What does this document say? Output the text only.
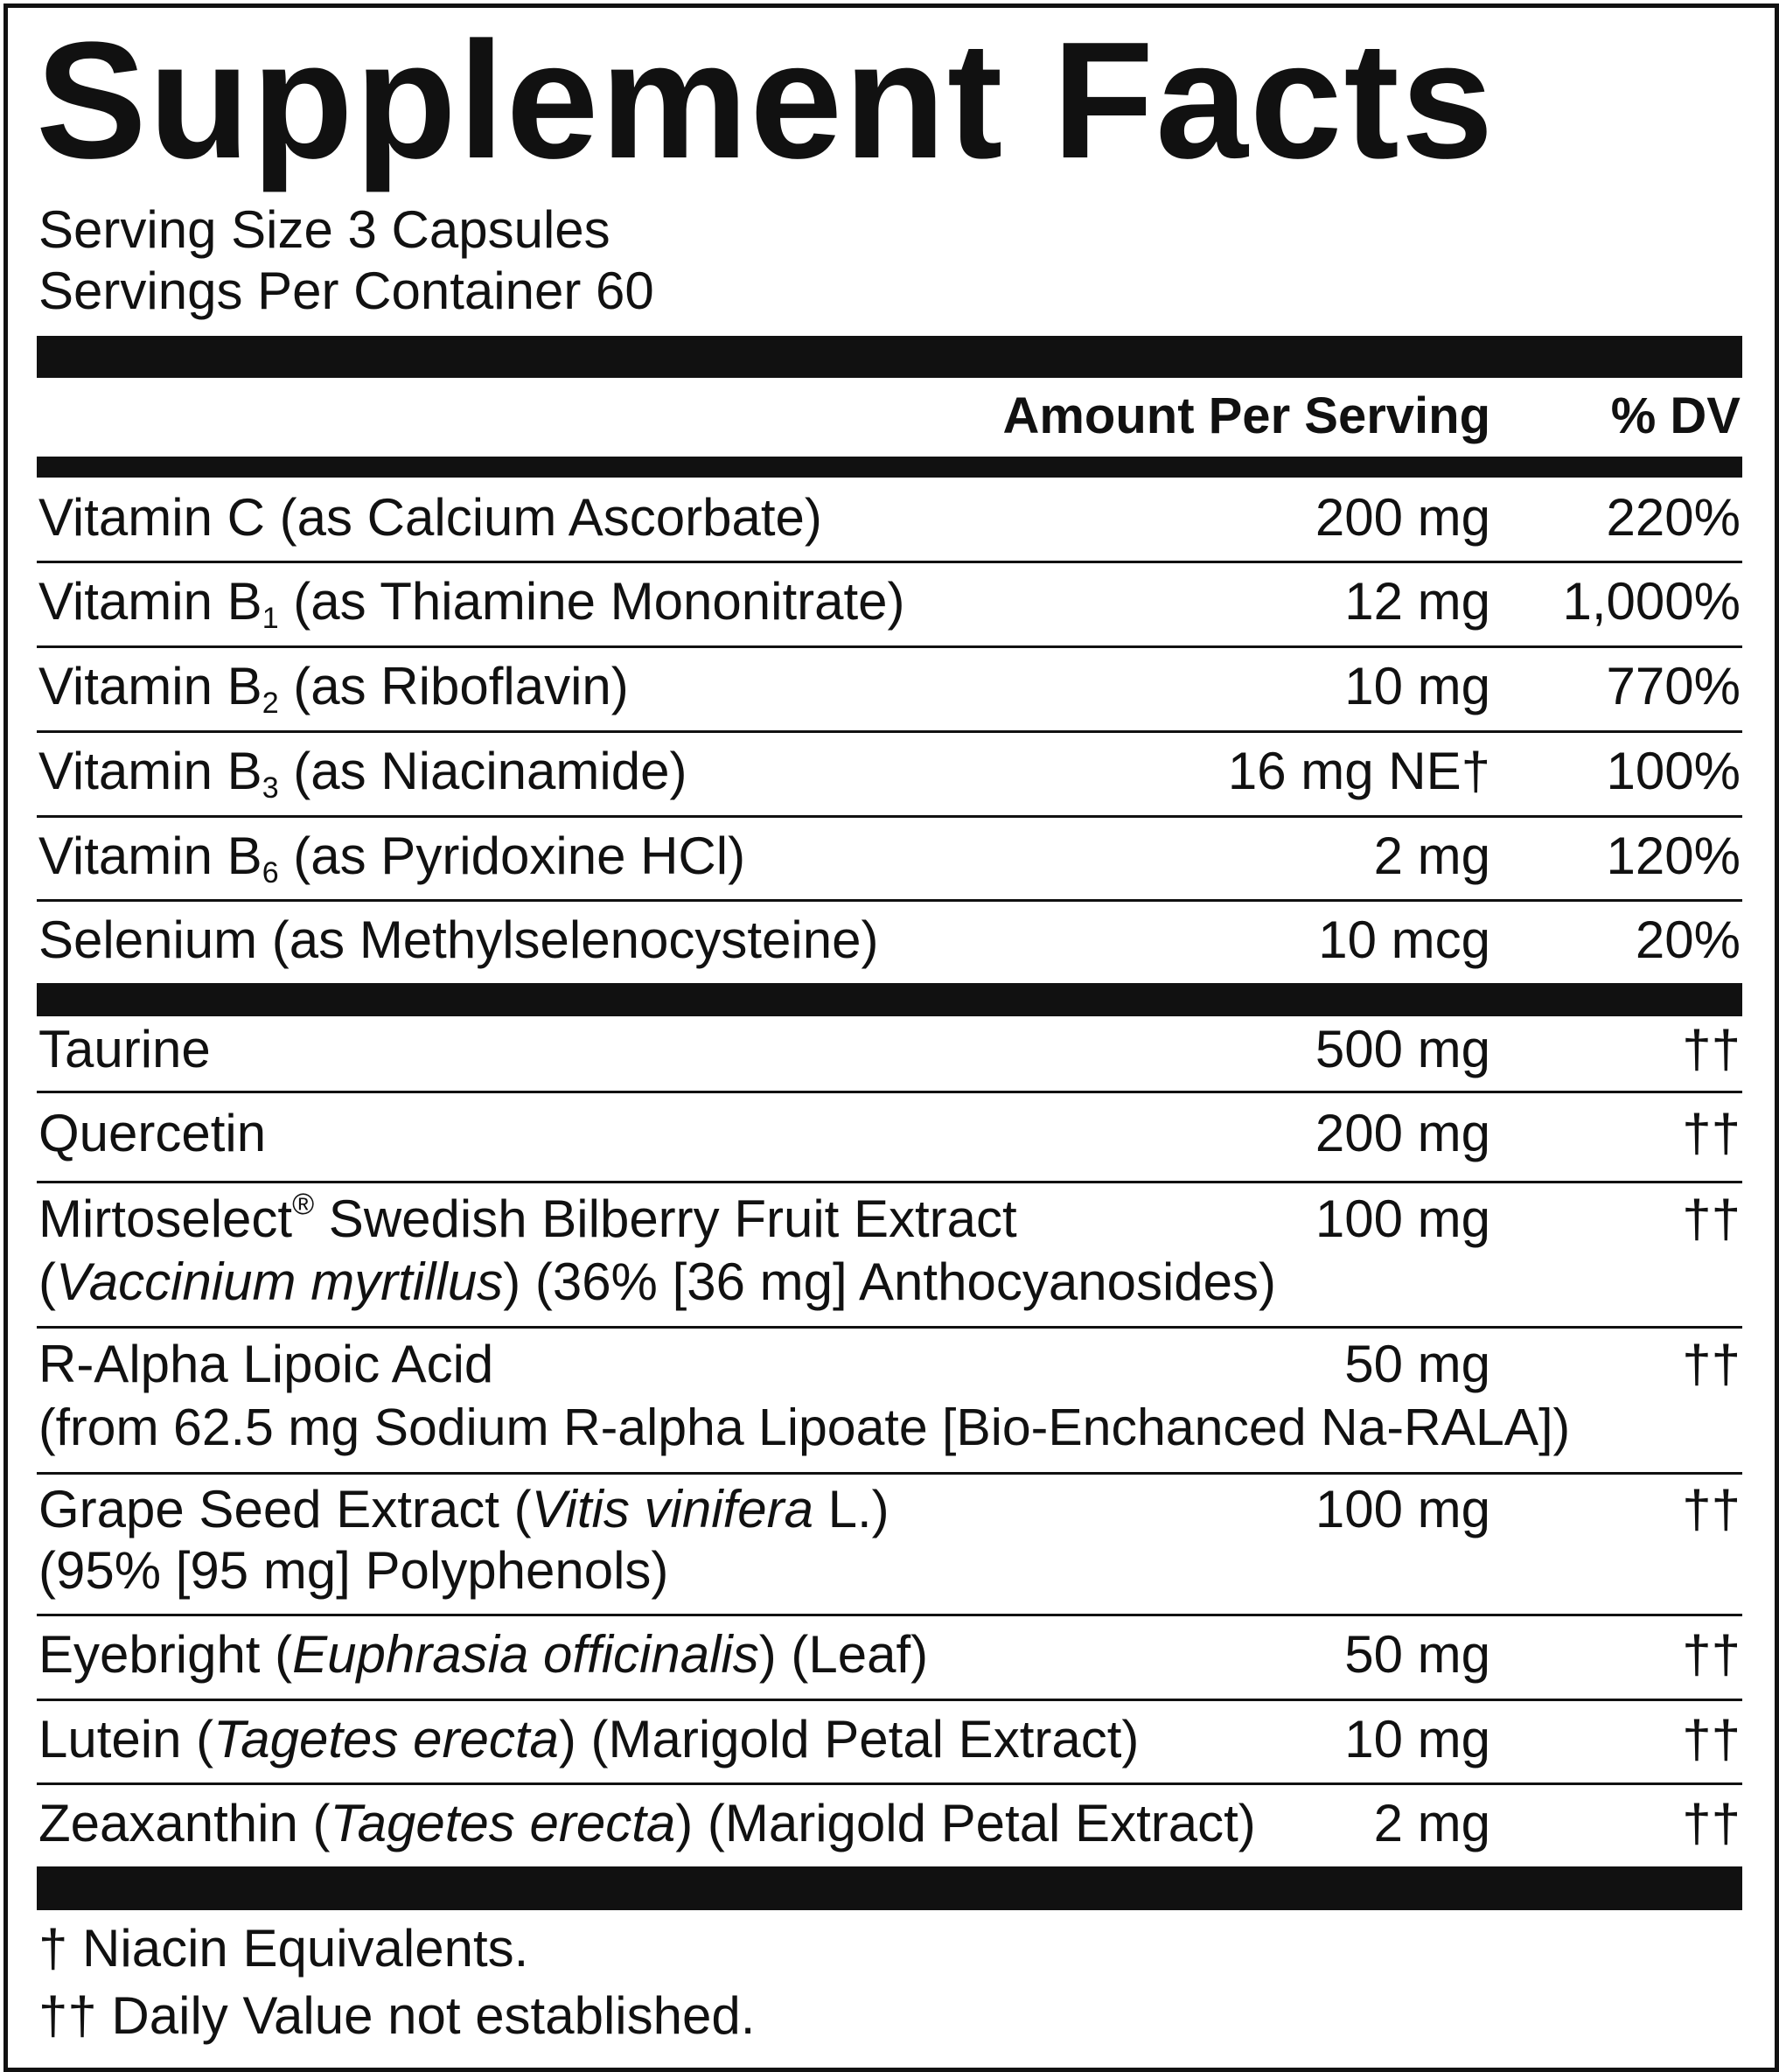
Supplement Facts
Serving Size 3 Capsules
Servings Per Container 60
Amount Per Serving	% DV
Vitamin C (as Calcium Ascorbate)	200 mg	220%
Vitamin $B_1$ (as Thiamine Mononitrate)	12 mg	1,000%
Vitamin $B_2$ (as Riboflavin)	10 mg	770%
Vitamin $B_3$ (as Niacinamide)	16 mg NE†	100%
Vitamin $B_6$ (as Pyridoxine HCl)	2 mg	120%
Selenium (as Methylselenocysteine)	10 mcg	20%
Taurine	500 mg	††
Quercetin	200 mg	††
Mirtoselect® Swedish Bilberry Fruit Extract
(Vaccinium myrtillus) (36% [36 mg] Anthocyanosides)
100 mg	††
R-Alpha Lipoic Acid
(from 62.5 mg Sodium R-alpha Lipoate [Bio-Enchanced Na-RALA])
50 mg	††
Grape Seed Extract (Vitis vinifera L.)
(95% [95 mg] Polyphenols)
100 mg	††
Eyebright (Euphrasia officinalis) (Leaf)	50 mg	††
Lutein (Tagetes erecta) (Marigold Petal Extract)	10 mg	††
Zeaxanthin (Tagetes erecta) (Marigold Petal Extract)	2 mg	††
† Niacin Equivalents.
†† Daily Value not established.
